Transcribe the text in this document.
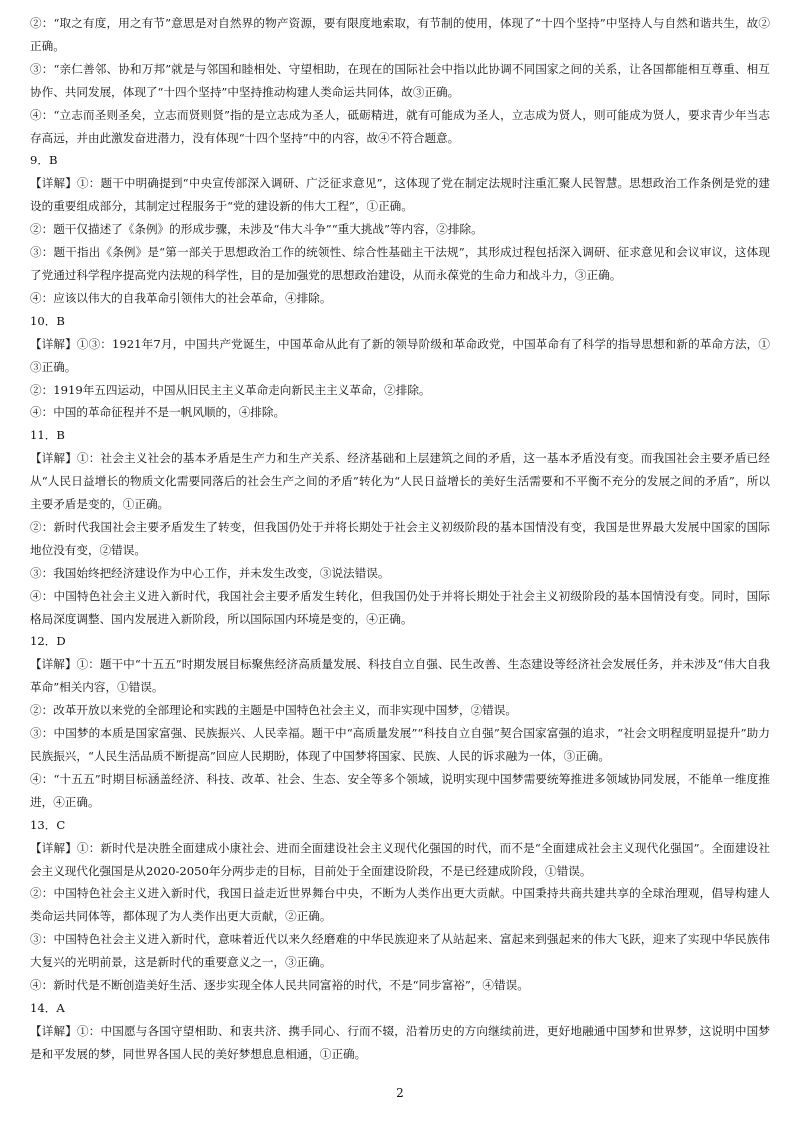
②：“取之有度，用之有节”意思是对自然界的物产资源，要有限度地索取，有节制的使用，体现了“十四个坚持”中坚持人与自然和谐共生，故②正确。

③：“亲仁善邻、协和万邦”就是与邻国和睦相处、守望相助，在现在的国际社会中指以此协调不同国家之间的关系，让各国都能相互尊重、相互协作、共同发展，体现了“十四个坚持”中坚持推动构建人类命运共同体，故③正确。

④：“立志而圣则圣矣，立志而贤则贤”指的是立志成为圣人，砥砺精进，就有可能成为圣人，立志成为贤人，则可能成为贤人，要求青少年当志存高远，并由此激发奋进潜力，没有体现“十四个坚持”中的内容，故④不符合题意。

9．B

【详解】①：题干中明确提到“中央宣传部深入调研、广泛征求意见”，这体现了党在制定法规时注重汇聚人民智慧。思想政治工作条例是党的建设的重要组成部分，其制定过程服务于“党的建设新的伟大工程”，①正确。

②：题干仅描述了《条例》的形成步骤，未涉及“伟大斗争”“重大挑战”等内容，②排除。

③：题干指出《条例》是“第一部关于思想政治工作的统领性、综合性基础主干法规”，其形成过程包括深入调研、征求意见和会议审议，这体现了党通过科学程序提高党内法规的科学性，目的是加强党的思想政治建设，从而永葆党的生命力和战斗力，③正确。

④：应该以伟大的自我革命引领伟大的社会革命，④排除。

10．B

【详解】①③：1921年7月，中国共产党诞生，中国革命从此有了新的领导阶级和革命政党，中国革命有了科学的指导思想和新的革命方法，①③正确。

②：1919年五四运动，中国从旧民主主义革命走向新民主主义革命，②排除。

④：中国的革命征程并不是一帆风顺的，④排除。

11．B

【详解】①：社会主义社会的基本矛盾是生产力和生产关系、经济基础和上层建筑之间的矛盾，这一基本矛盾没有变。而我国社会主要矛盾已经从“人民日益增长的物质文化需要同落后的社会生产之间的矛盾”转化为“人民日益增长的美好生活需要和不平衡不充分的发展之间的矛盾”，所以主要矛盾是变的，①正确。

②：新时代我国社会主要矛盾发生了转变，但我国仍处于并将长期处于社会主义初级阶段的基本国情没有变，我国是世界最大发展中国家的国际地位没有变，②错误。

③：我国始终把经济建设作为中心工作，并未发生改变，③说法错误。

④：中国特色社会主义进入新时代，我国社会主要矛盾发生转化，但我国仍处于并将长期处于社会主义初级阶段的基本国情没有变。同时，国际格局深度调整、国内发展进入新阶段，所以国际国内环境是变的，④正确。

12．D

【详解】①：题干中“十五五”时期发展目标聚焦经济高质量发展、科技自立自强、民生改善、生态建设等经济社会发展任务，并未涉及“伟大自我革命”相关内容，①错误。

②：改革开放以来党的全部理论和实践的主题是中国特色社会主义，而非实现中国梦，②错误。

③：中国梦的本质是国家富强、民族振兴、人民幸福。题干中“高质量发展”“科技自立自强”契合国家富强的追求，“社会文明程度明显提升”助力民族振兴，“人民生活品质不断提高”回应人民期盼，体现了中国梦将国家、民族、人民的诉求融为一体，③正确。

④：“十五五”时期目标涵盖经济、科技、改革、社会、生态、安全等多个领域，说明实现中国梦需要统筹推进多领域协同发展，不能单一维度推进，④正确。

13．C

【详解】①：新时代是决胜全面建成小康社会、进而全面建设社会主义现代化强国的时代，而不是“全面建成社会主义现代化强国”。全面建设社会主义现代化强国是从2020-2050年分两步走的目标，目前处于全面建设阶段，不是已经建成阶段，①错误。

②：中国特色社会主义进入新时代，我国日益走近世界舞台中央，不断为人类作出更大贡献。中国秉持共商共建共享的全球治理观，倡导构建人类命运共同体等，都体现了为人类作出更大贡献，②正确。

③：中国特色社会主义进入新时代，意味着近代以来久经磨难的中华民族迎来了从站起来、富起来到强起来的伟大飞跃，迎来了实现中华民族伟大复兴的光明前景，这是新时代的重要意义之一，③正确。

④：新时代是不断创造美好生活、逐步实现全体人民共同富裕的时代，不是“同步富裕”，④错误。

14．A

【详解】①：中国愿与各国守望相助、和衷共济、携手同心、行而不辍，沿着历史的方向继续前进，更好地融通中国梦和世界梦，这说明中国梦是和平发展的梦，同世界各国人民的美好梦想息息相通，①正确。

2
